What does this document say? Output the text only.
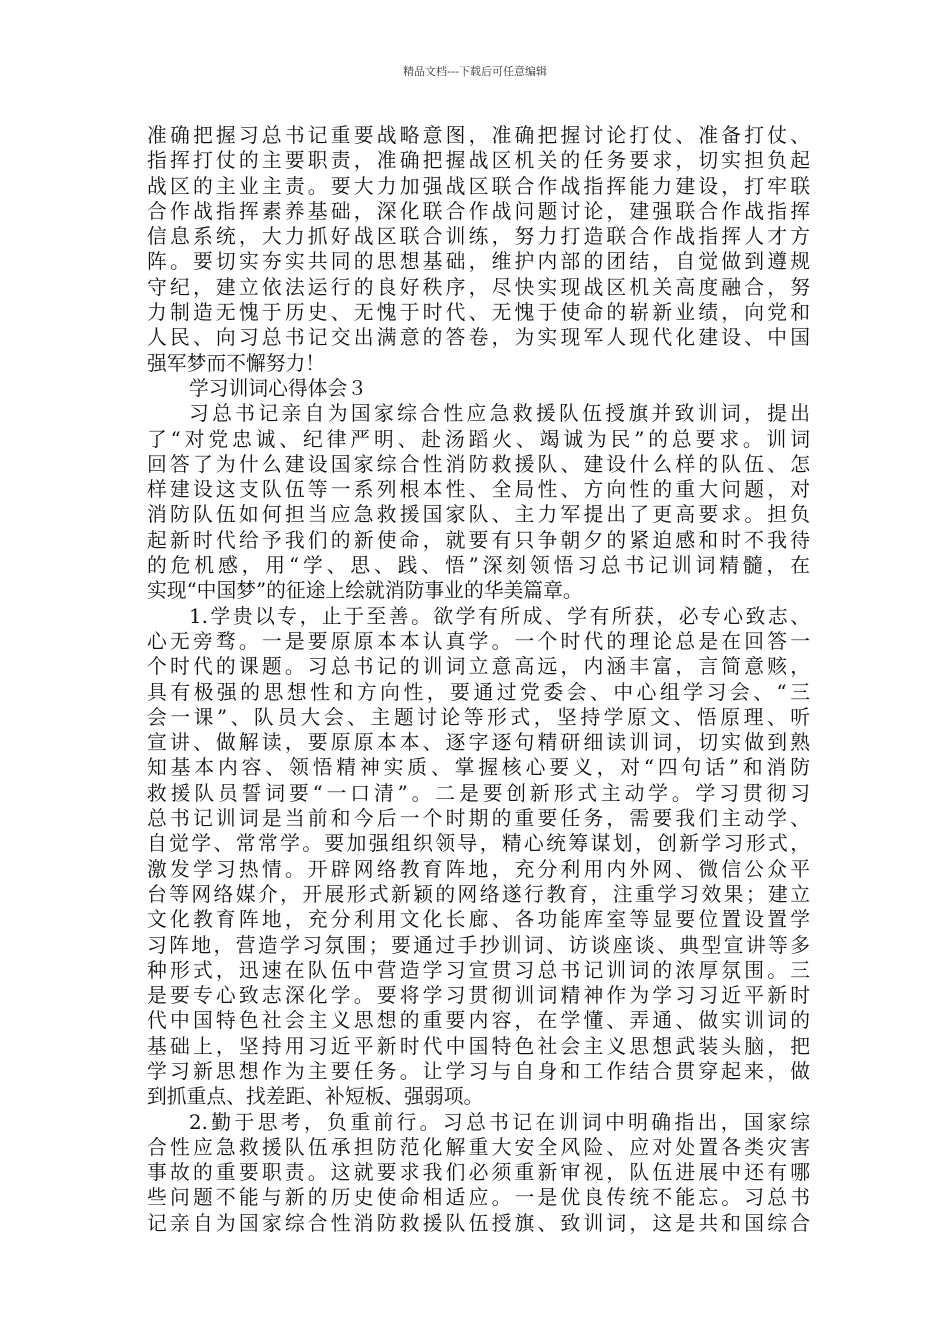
精品文档---下载后可任意编辑
准确把握习总书记重要战略意图，准确把握讨论打仗、准备打仗、
指挥打仗的主要职责，准确把握战区机关的任务要求，切实担负起
战区的主业主责。要大力加强战区联合作战指挥能力建设，打牢联
合作战指挥素养基础，深化联合作战问题讨论，建强联合作战指挥
信息系统，大力抓好战区联合训练，努力打造联合作战指挥人才方
阵。要切实夯实共同的思想基础，维护内部的团结，自觉做到遵规
守纪，建立依法运行的良好秩序，尽快实现战区机关高度融合，努
力制造无愧于历史、无愧于时代、无愧于使命的崭新业绩，向党和
人民、向习总书记交出满意的答卷，为实现军人现代化建设、中国
强军梦而不懈努力！
学习训词心得体会３
习总书记亲自为国家综合性应急救援队伍授旗并致训词，提出
了“对党忠诚、纪律严明、赴汤蹈火、竭诚为民”的总要求。训词
回答了为什么建设国家综合性消防救援队、建设什么样的队伍、怎
样建设这支队伍等一系列根本性、全局性、方向性的重大问题，对
消防队伍如何担当应急救援国家队、主力军提出了更高要求。担负
起新时代给予我们的新使命，就要有只争朝夕的紧迫感和时不我待
的危机感，用“学、思、践、悟”深刻领悟习总书记训词精髓，在
实现“中国梦”的征途上绘就消防事业的华美篇章。
1.学贵以专，止于至善。欲学有所成、学有所获，必专心致志、
心无旁骛。一是要原原本本认真学。一个时代的理论总是在回答一
个时代的课题。习总书记的训词立意高远，内涵丰富，言简意赅，
具有极强的思想性和方向性，要通过党委会、中心组学习会、“三
会一课”、队员大会、主题讨论等形式，坚持学原文、悟原理、听
宣讲、做解读，要原原本本、逐字逐句精研细读训词，切实做到熟
知基本内容、领悟精神实质、掌握核心要义，对“四句话”和消防
救援队员誓词要“一口清”。二是要创新形式主动学。学习贯彻习
总书记训词是当前和今后一个时期的重要任务，需要我们主动学、
自觉学、常常学。要加强组织领导，精心统筹谋划，创新学习形式，
激发学习热情。开辟网络教育阵地，充分利用内外网、微信公众平
台等网络媒介，开展形式新颖的网络遂行教育，注重学习效果；建立
文化教育阵地，充分利用文化长廊、各功能库室等显要位置设置学
习阵地，营造学习氛围；要通过手抄训词、访谈座谈、典型宣讲等多
种形式，迅速在队伍中营造学习宣贯习总书记训词的浓厚氛围。三
是要专心致志深化学。要将学习贯彻训词精神作为学习习近平新时
代中国特色社会主义思想的重要内容，在学懂、弄通、做实训词的
基础上，坚持用习近平新时代中国特色社会主义思想武装头脑，把
学习新思想作为主要任务。让学习与自身和工作结合贯穿起来，做
到抓重点、找差距、补短板、强弱项。
2.勤于思考，负重前行。习总书记在训词中明确指出，国家综
合性应急救援队伍承担防范化解重大安全风险、应对处置各类灾害
事故的重要职责。这就要求我们必须重新审视，队伍进展中还有哪
些问题不能与新的历史使命相适应。一是优良传统不能忘。习总书
记亲自为国家综合性消防救援队伍授旗、致训词，这是共和国综合
